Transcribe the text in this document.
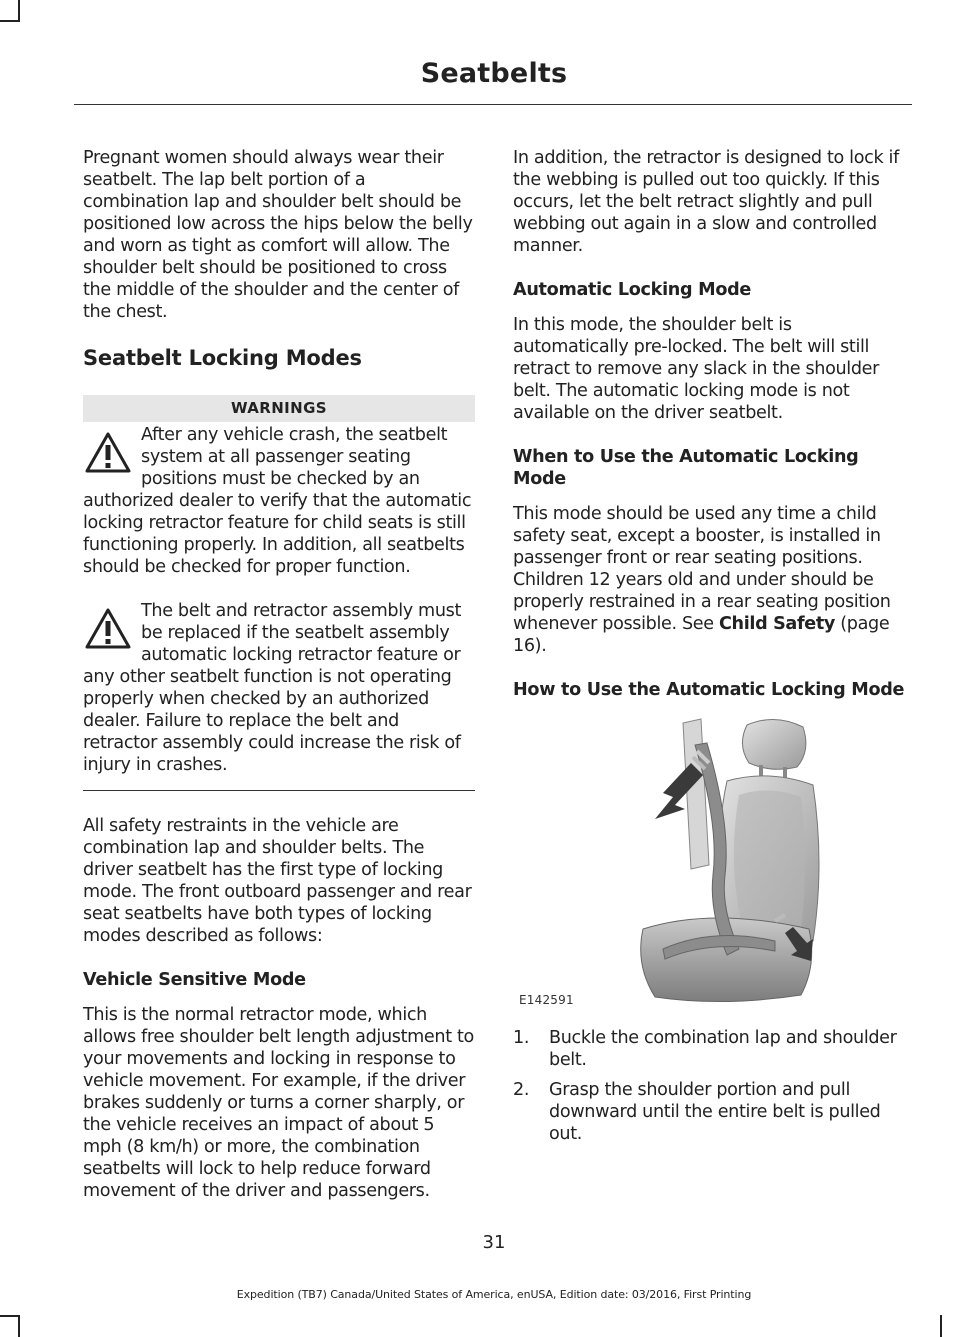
Seatbelts

Pregnant women should always wear their seatbelt. The lap belt portion of a combination lap and shoulder belt should be positioned low across the hips below the belly and worn as tight as comfort will allow. The shoulder belt should be positioned to cross the middle of the shoulder and the center of the chest.

Seatbelt Locking Modes
WARNINGS
After any vehicle crash, the seatbelt system at all passenger seating positions must be checked by an authorized dealer to verify that the automatic locking retractor feature for child seats is still functioning properly. In addition, all seatbelts should be checked for proper function.
The belt and retractor assembly must be replaced if the seatbelt assembly automatic locking retractor feature or any other seatbelt function is not operating properly when checked by an authorized dealer. Failure to replace the belt and retractor assembly could increase the risk of injury in crashes.

All safety restraints in the vehicle are combination lap and shoulder belts. The driver seatbelt has the first type of locking mode. The front outboard passenger and rear seat seatbelts have both types of locking modes described as follows:

Vehicle Sensitive Mode

This is the normal retractor mode, which allows free shoulder belt length adjustment to your movements and locking in response to vehicle movement. For example, if the driver brakes suddenly or turns a corner sharply, or the vehicle receives an impact of about 5 mph (8 km/h) or more, the combination seatbelts will lock to help reduce forward movement of the driver and passengers.

In addition, the retractor is designed to lock if the webbing is pulled out too quickly. If this occurs, let the belt retract slightly and pull webbing out again in a slow and controlled manner.

Automatic Locking Mode

In this mode, the shoulder belt is automatically pre-locked. The belt will still retract to remove any slack in the shoulder belt. The automatic locking mode is not available on the driver seatbelt.

When to Use the Automatic Locking Mode

This mode should be used any time a child safety seat, except a booster, is installed in passenger front or rear seating positions. Children 12 years old and under should be properly restrained in a rear seating position whenever possible. See Child Safety (page 16).

How to Use the Automatic Locking Mode
E142591
1. Buckle the combination lap and shoulder belt.
2. Grasp the shoulder portion and pull downward until the entire belt is pulled out.
31
Expedition (TB7) Canada/United States of America, enUSA, Edition date: 03/2016, First Printing
